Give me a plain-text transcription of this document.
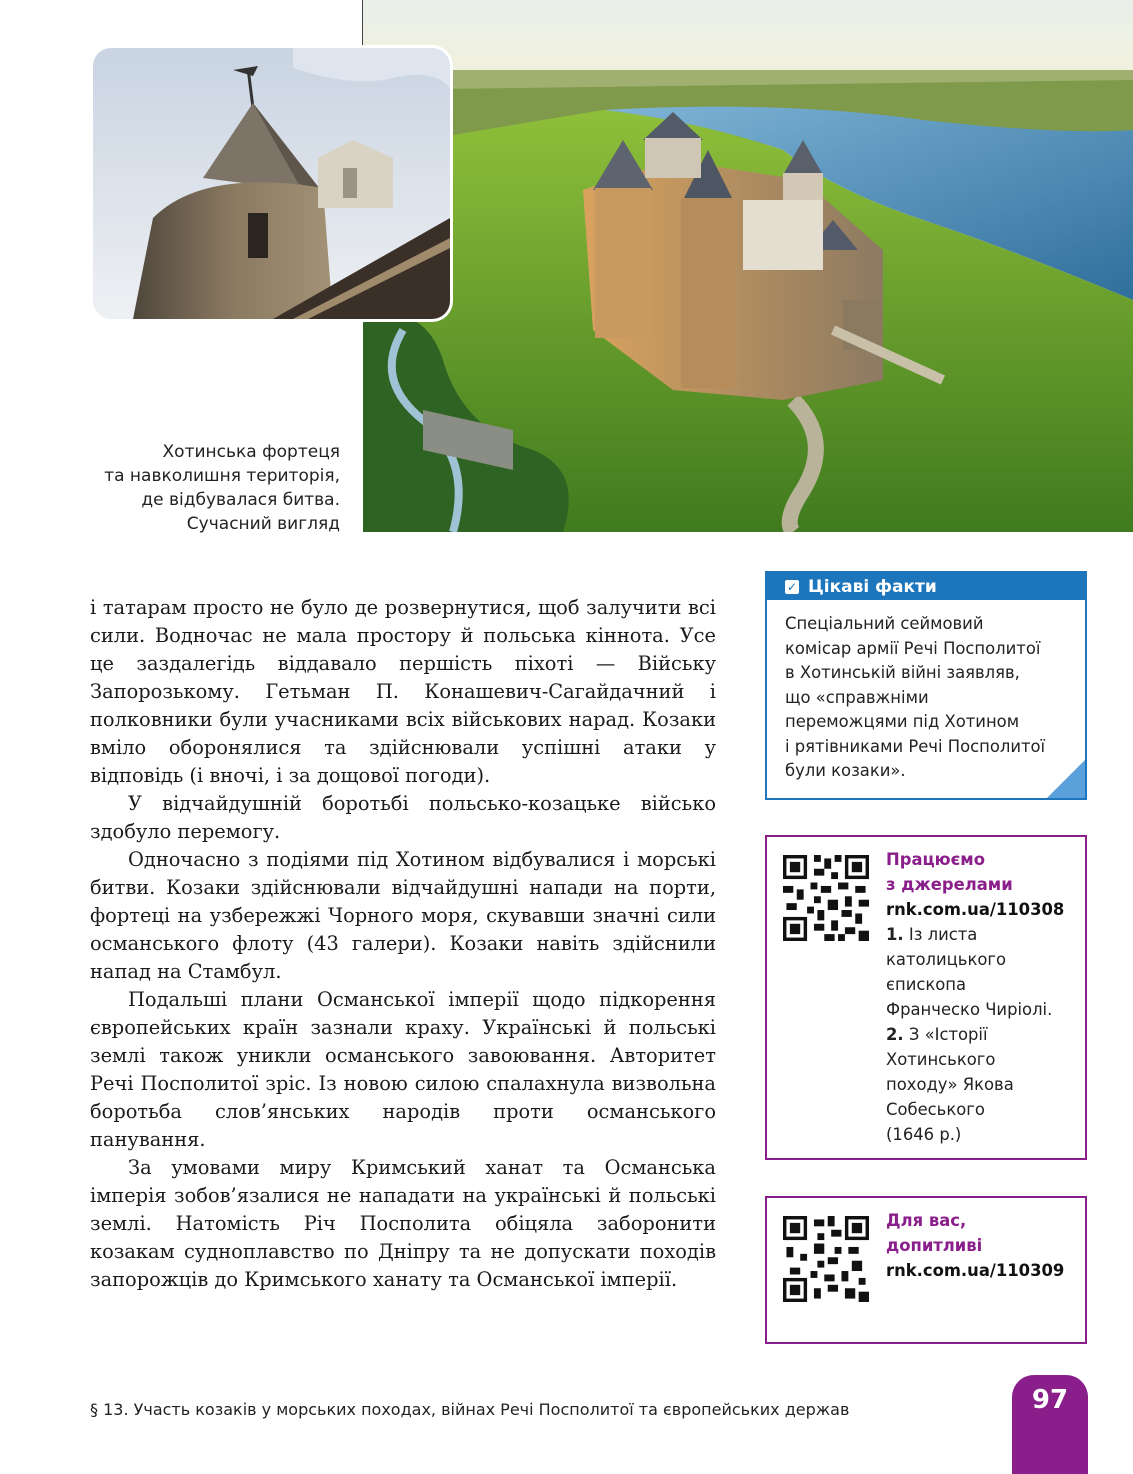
Хотинська фортеця
та навколишня територія,
де відбувалася битва.
Сучасний вигляд

і татарам просто не було де розвернутися, щоб залучити всі сили. Водночас не мала простору й польська кіннота. Усе це заздалегідь віддавало першість піхоті — Війську Запорозькому. Гетьман П. Конашевич-Сагайдачний і полковники були учасниками всіх військових нарад. Козаки вміло оборонялися та здійснювали успішні атаки у відповідь (і вночі, і за дощової погоди).

У відчайдушній боротьбі польсько-козацьке військо здобуло перемогу.

Одночасно з подіями під Хотином відбувалися і морські битви. Козаки здійснювали відчайдушні напади на порти, фортеці на узбережжі Чорного моря, скувавши значні сили османського флоту (43 галери). Козаки навіть здійснили напад на Стамбул.

Подальші плани Османської імперії щодо підкорення європейських країн зазнали краху. Українські й польські землі також уникли османського завоювання. Авторитет Речі Посполитої зріс. Із новою силою спалахнула визвольна боротьба слов’янських народів проти османського панування.

За умовами миру Кримський ханат та Османська імперія зобов’язалися не нападати на українські й польські землі. Натомість Річ Посполита обіцяла заборонити козакам судноплавство по Дніпру та не допускати походів запорожців до Кримського ханату та Османської імперії.

✓ Цікаві факти
Спеціальний сеймовий
комісар армії Речі Посполитої
в Хотинській війні заявляв,
що «справжніми
переможцями під Хотином
і рятівниками Речі Посполитої
були козаки».
Працюємо
з джерелами
rnk.com.ua/110308
1. Із листа
католицького
єпископа
Франческо Чиріолі.
2. З «Історії
Хотинського
походу» Якова
Собеського
(1646 р.)
Для вас,
допитливі
rnk.com.ua/110309
§ 13. Участь козаків у морських походах, війнах Речі Посполитої та європейських держав	97
